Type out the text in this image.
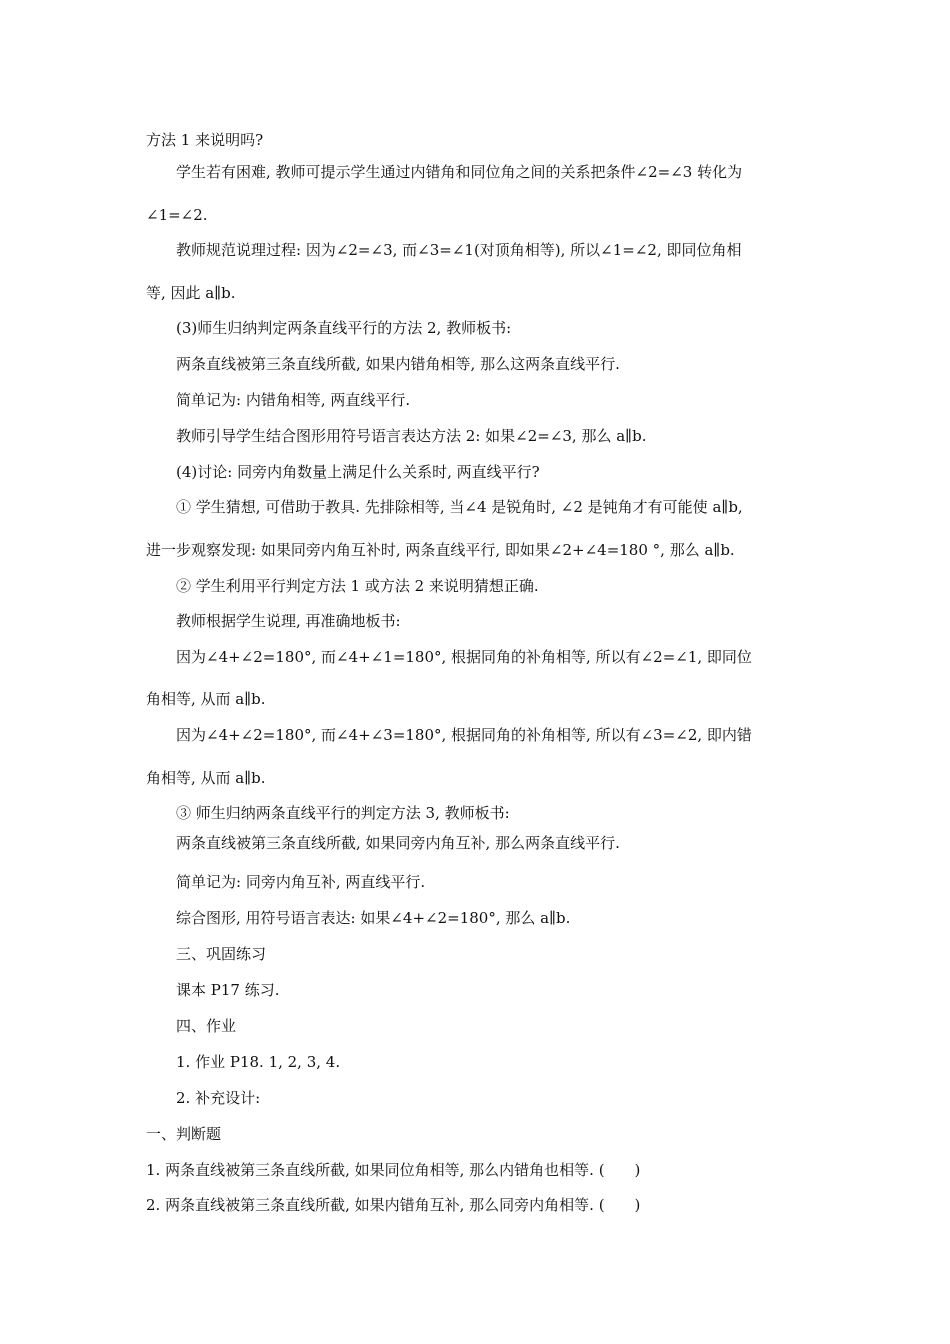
方法 1 来说明吗?

学生若有困难, 教师可提示学生通过内错角和同位角之间的关系把条件∠2=∠3 转化为

∠1=∠2.

教师规范说理过程: 因为∠2=∠3, 而∠3=∠1(对顶角相等), 所以∠1=∠2, 即同位角相

等, 因此 a∥b.

(3)师生归纳判定两条直线平行的方法 2, 教师板书:

两条直线被第三条直线所截, 如果内错角相等, 那么这两条直线平行.

简单记为: 内错角相等, 两直线平行.

教师引导学生结合图形用符号语言表达方法 2: 如果∠2=∠3, 那么 a∥b.

(4)讨论: 同旁内角数量上满足什么关系时, 两直线平行?

① 学生猜想, 可借助于教具. 先排除相等, 当∠4 是锐角时, ∠2 是钝角才有可能使 a∥b,

进一步观察发现: 如果同旁内角互补时, 两条直线平行, 即如果∠2+∠4=180 °, 那么 a∥b.

② 学生利用平行判定方法 1 或方法 2 来说明猜想正确.

教师根据学生说理, 再准确地板书:

因为∠4+∠2=180°, 而∠4+∠1=180°, 根据同角的补角相等, 所以有∠2=∠1, 即同位

角相等, 从而 a∥b.

因为∠4+∠2=180°, 而∠4+∠3=180°, 根据同角的补角相等, 所以有∠3=∠2, 即内错

角相等, 从而 a∥b.

③ 师生归纳两条直线平行的判定方法 3, 教师板书:

两条直线被第三条直线所截, 如果同旁内角互补, 那么两条直线平行.

简单记为: 同旁内角互补, 两直线平行.

综合图形, 用符号语言表达: 如果∠4+∠2=180°, 那么 a∥b.

三、巩固练习

课本 P17 练习.

四、作业

1. 作业 P18. 1, 2, 3, 4.

2. 补充设计:

一、判断题

1. 两条直线被第三条直线所截, 如果同位角相等, 那么内错角也相等. (　　)

2. 两条直线被第三条直线所截, 如果内错角互补, 那么同旁内角相等. (　　)
